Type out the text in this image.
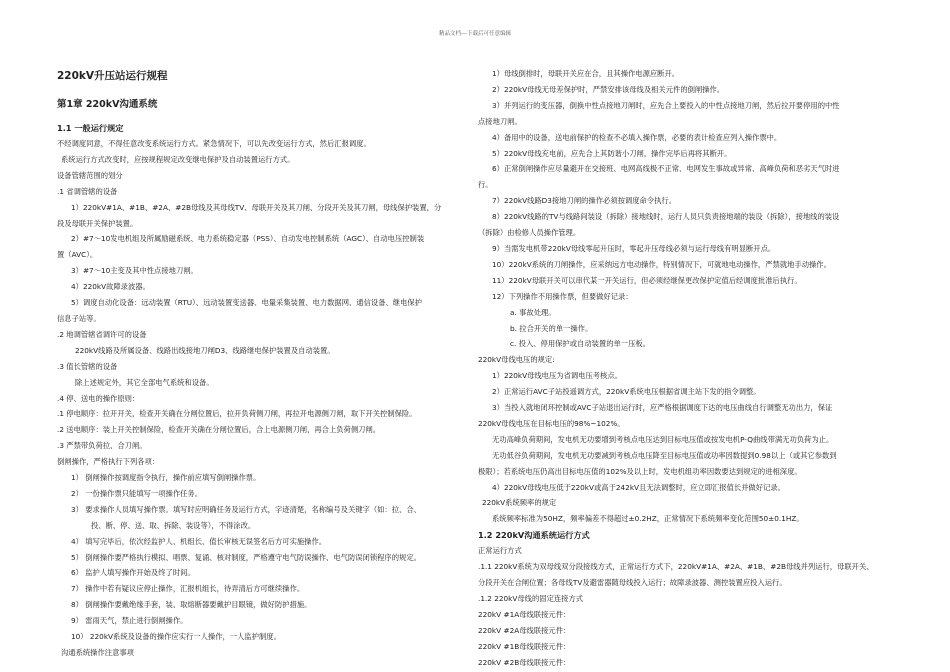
精品文档---下载后可任意编辑
220kV升压站运行规程
第1章 220kV沟通系统
1.1 一般运行规定
不经调度同意，不得任意改变系统运行方式。紧急情况下，可以先改变运行方式，然后汇报调度。
系统运行方式改变时，应按规程规定改变继电保护及自动装置运行方式。
设备管辖范围的划分
.1 省调管辖的设备
1）220kV#1A、#1B、#2A、#2B母线及其母线TV、母联开关及其刀闸、分段开关及其刀闸，母线保护装置，分
段及母联开关保护装置。
2）#7～10发电机组及所属励磁系统、电力系统稳定器（PSS）、自动发电控制系统（AGC）、自动电压控制装
置（AVC）。
3）#7～10主变及其中性点接地刀闸。
4）220kV故障录波器。
5）调度自动化设备：远动装置（RTU）、远动装置变送器、电量采集装置、电力数据网、通信设备、继电保护
信息子站等。
.2 地调管辖省调许可的设备
220kV线路及所属设备、线路出线接地刀闸D3、线路继电保护装置及自动装置。
.3 值长管辖的设备
除上述规定外，其它全部电气系统和设备。
.4 停、送电的操作原则：
.1 停电顺序：拉开开关，检查开关确在分闸位置后，拉开负荷侧刀闸，再拉开电源侧刀闸，取下开关控制保险。
.2 送电顺序：装上开关控制保险，检查开关确在分闸位置后，合上电源侧刀闸，再合上负荷侧刀闸。
.3 严禁带负荷拉、合刀闸。
倒闸操作，严格执行下列各项：
1） 倒闸操作按调度指令执行，操作前应填写倒闸操作票。
2） 一份操作票只能填写一项操作任务。
3） 要求操作人员填写操作票。填写时应明确任务及运行方式，字迹清楚，名称编号及关键字（如：拉、合、
投、断、停、送、取、拆除、装设等），不得涂改。
4） 填写完毕后，依次经监护人、机组长、值长审核无误签名后方可实施操作。
5） 倒闸操作要严格执行模拟、唱票、复诵、核对制度，严格遵守电气防误操作、电气防误闭锁程序的规定。
6） 监护人填写操作开始及终了时间。
7） 操作中若有疑议应停止操作，汇报机组长，待弄清后方可继续操作。
8） 倒闸操作要戴绝缘手套，装、取熔断器要戴护目眼镜，做好防护措施。
9） 雷雨天气，禁止进行倒闸操作。
10） 220kV系统及设备的操作应实行一人操作，一人监护制度。
沟通系统操作注意事项
1）母线倒排时，母联开关应在合，且其操作电源应断开。
2）220kV母线无母差保护时，严禁安排该母线及相关元件的倒闸操作。
3）并列运行的变压器，倒换中性点接地刀闸时，应先合上要投入的中性点接地刀闸，然后拉开要停用的中性
点接地刀闸。
4）备用中的设备，送电前保护的检查不必填入操作票，必要的表计检查应列入操作票中。
5）220kV母线充电前，应先合上其防谐小刀闸，操作完毕后再将其断开。
6）正常倒闸操作应尽量避开在交接班、电网高线极不正常、电网发生事故或异常、高峰负荷和恶劣天气时进
行。
7）220kV线路D3接地刀闸的操作必须按调度命令执行。
8）220kV线路的TV与线路间装设（拆除）接地线时，运行人员只负责接地端的装设（拆除），接地线的装设
（拆除）由检修人员操作管理。
9）当需发电机带220kV母线零起升压时，零起升压母线必须与运行母线有明显断开点。
10）220kV系统的刀闸操作，应采纳远方电动操作，特别情况下，可就地电动操作，严禁就地手动操作。
11）220kV母联开关可以串代某一开关运行，但必须经继保更改保护定值后经调度批准后执行。
12）下列操作不用操作票，但要做好记录：
a. 事故处理。
b. 拉合开关的单一操作。
c. 投入、停用保护或自动装置的单一压板。
220kV母线电压的规定:
1）220kV母线电压为省调电压考核点。
2）正常运行AVC子站投遥调方式，220kV系统电压根据省调主站下发的指令调整。
3）当投入就地闭环控制或AVC子站退出运行时，应严格根据调度下达的电压曲线自行调整无功出力，保证
220kV母线电压在目标电压的98%~102%。
无功高峰负荷期间，发电机无功要增到考核点电压达到目标电压值或按发电机P-Q曲线带满无功负荷为止。
无功低谷负荷期间，发电机无功要减到考核点电压降至目标电压值或功率因数提到0.98以上（或其它参数到
极限）；若系统电压仍高出目标电压值的102%及以上时，发电机组功率因数要达到规定的进相深度。
4）220kV母线电压低于220kV或高于242kV且无法调整时，应立即汇报值长并做好记录。
220kV系统频率的规定
系统频率标准为50HZ，频率偏差不得超过±0.2HZ，正常情况下系统频率变化范围50±0.1HZ。
1.2 220kV沟通系统运行方式
正常运行方式
.1.1 220kV系统为双母线双分段接线方式，正常运行方式下，220kV#1A、#2A、#1B、#2B母线并列运行，母联开关、
分段开关在合闸位置；各母线TV及避雷器随母线投入运行；故障录波器、测控装置应投入运行。
.1.2 220kV母线的固定连接方式
220kV #1A母线联接元件：
220kV #2A母线联接元件：
220kV #1B母线联接元件：
220kV #2B母线联接元件：
